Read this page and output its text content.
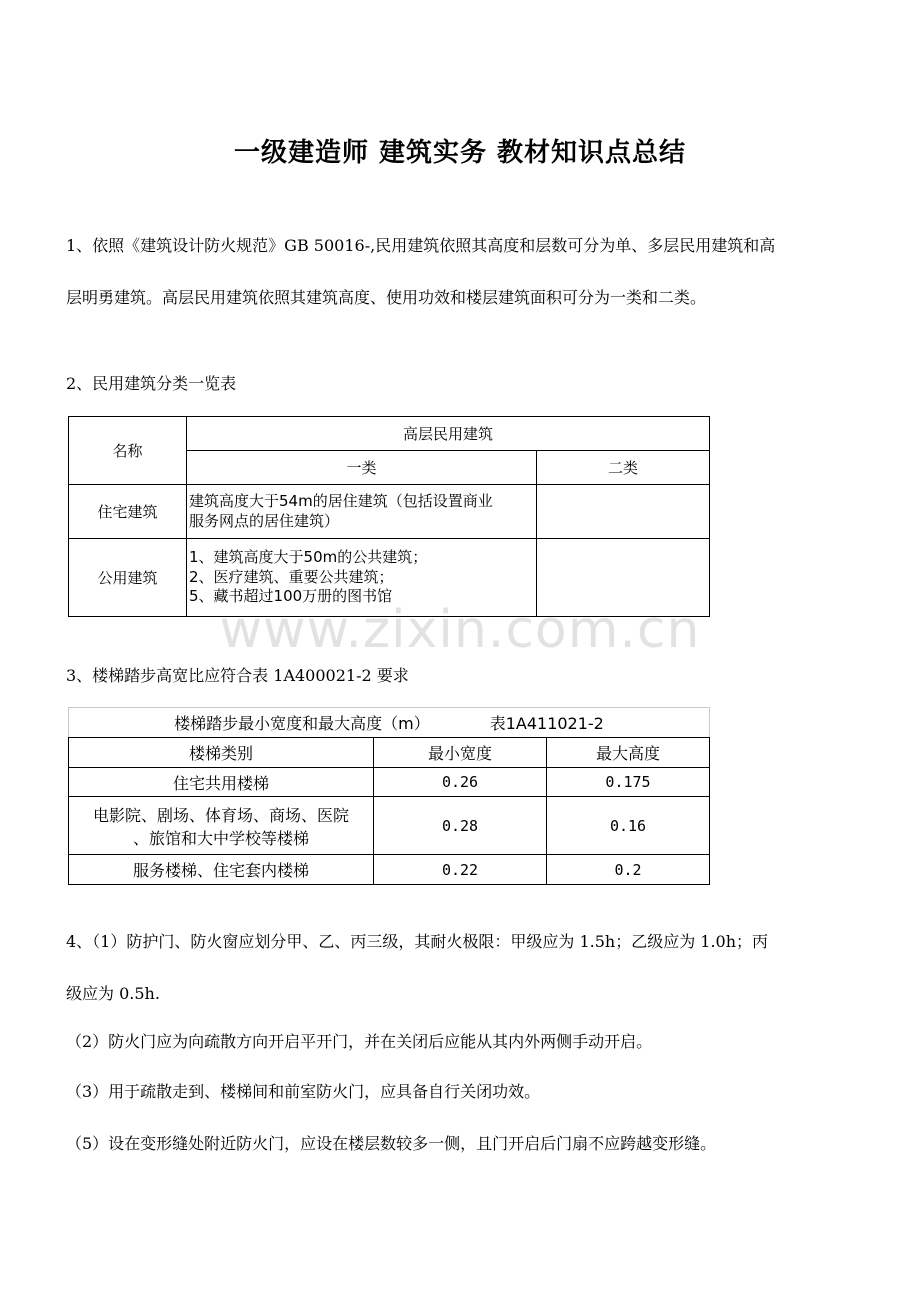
一级建造师 建筑实务 教材知识点总结
1、依照《建筑设计防火规范》GB 50016-,民用建筑依照其高度和层数可分为单、多层民用建筑和高
层明勇建筑。高层民用建筑依照其建筑高度、使用功效和楼层建筑面积可分为一类和二类。
2、民用建筑分类一览表
名称	高层民用建筑	
	一类	二类
住宅建筑	建筑高度大于54m的居住建筑（包括设置商业
服务网点的居住建筑）	

公用建筑	1、建筑高度大于50m的公共建筑；
2、医疗建筑、重要公共建筑；
5、藏书超过100万册的图书馆	

www.zixin.com.cn
3、楼梯踏步高宽比应符合表 1A400021-2 要求
楼梯踏步最小宽度和最大高度（m） 表1A411021-2		
楼梯类别	最小宽度	最大高度
住宅共用楼梯	0.26	0.175

电影院、剧场、体育场、商场、医院
、旅馆和大中学校等楼梯	0.28	0.16
服务楼梯、住宅套内楼梯	0.22	0.2
4、（1）防护门、防火窗应划分甲、乙、丙三级，其耐火极限：甲级应为 1.5h；乙级应为 1.0h；丙
级应为 0.5h.
（2）防火门应为向疏散方向开启平开门，并在关闭后应能从其内外两侧手动开启。
（3）用于疏散走到、楼梯间和前室防火门，应具备自行关闭功效。
（5）设在变形缝处附近防火门，应设在楼层数较多一侧，且门开启后门扇不应跨越变形缝。
